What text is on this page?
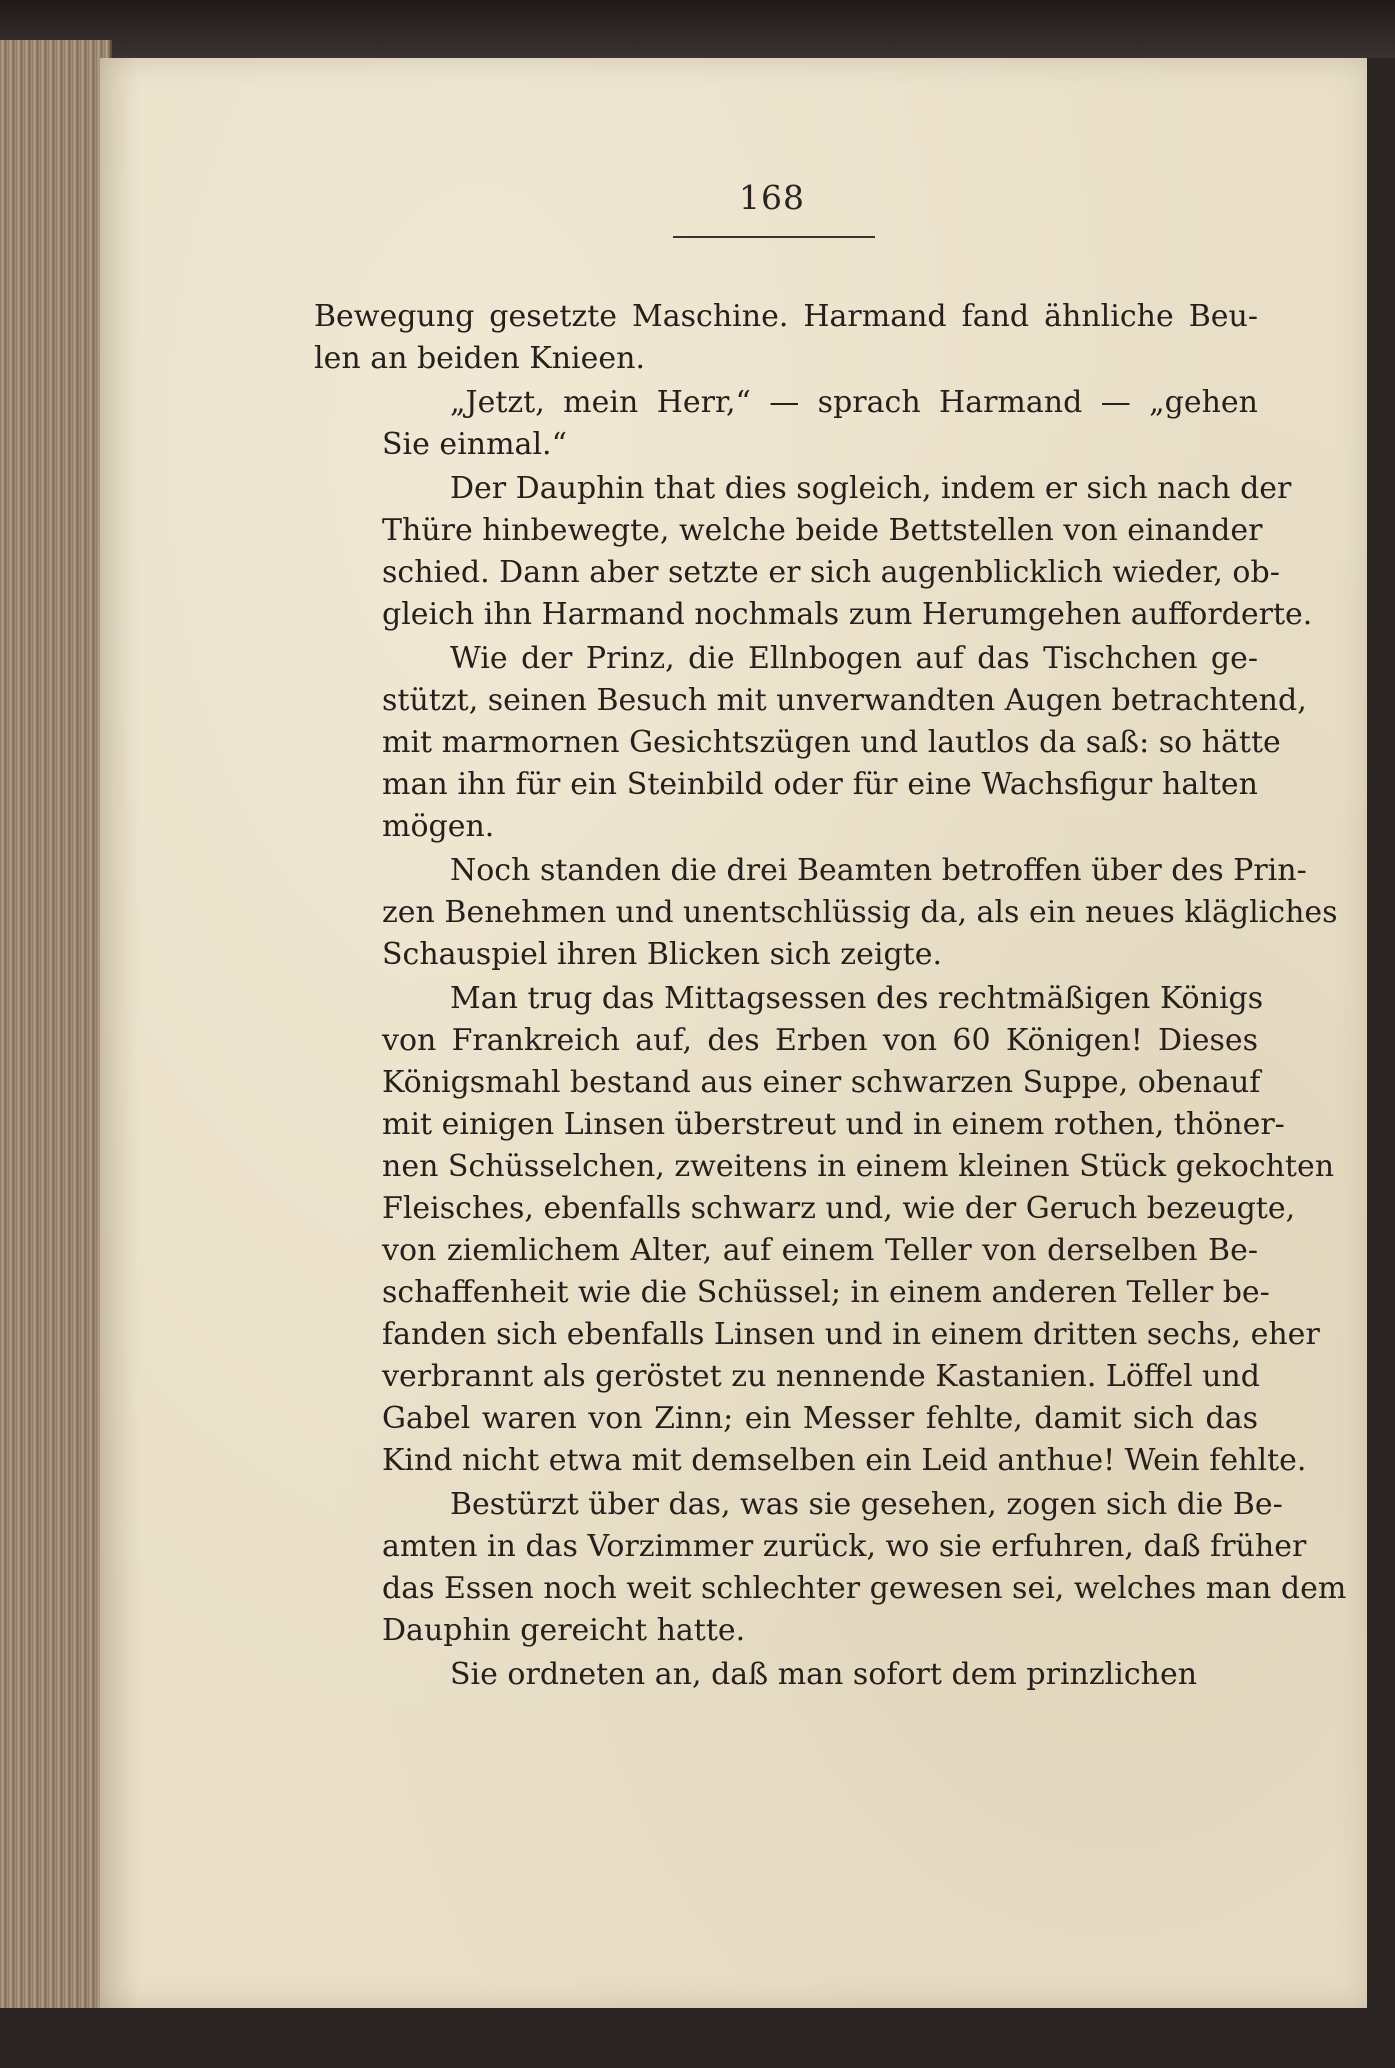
168
Bewegung gesetzte Maschine. Harmand fand ähnliche Beu-
len an beiden Knieen.
„Jetzt, mein Herr,“ — sprach Harmand — „gehen
Sie einmal.“
Der Dauphin that dies sogleich, indem er sich nach der
Thüre hinbewegte, welche beide Bettstellen von einander
schied. Dann aber setzte er sich augenblicklich wieder, ob-
gleich ihn Harmand nochmals zum Herumgehen aufforderte.
Wie der Prinz, die Ellnbogen auf das Tischchen ge-
stützt, seinen Besuch mit unverwandten Augen betrachtend,
mit marmornen Gesichtszügen und lautlos da saß: so hätte
man ihn für ein Steinbild oder für eine Wachsfigur halten
mögen.
Noch standen die drei Beamten betroffen über des Prin-
zen Benehmen und unentschlüssig da, als ein neues klägliches
Schauspiel ihren Blicken sich zeigte.
Man trug das Mittagsessen des rechtmäßigen Königs
von Frankreich auf, des Erben von 60 Königen! Dieses
Königsmahl bestand aus einer schwarzen Suppe, obenauf
mit einigen Linsen überstreut und in einem rothen, thöner-
nen Schüsselchen, zweitens in einem kleinen Stück gekochten
Fleisches, ebenfalls schwarz und, wie der Geruch bezeugte,
von ziemlichem Alter, auf einem Teller von derselben Be-
schaffenheit wie die Schüssel; in einem anderen Teller be-
fanden sich ebenfalls Linsen und in einem dritten sechs, eher
verbrannt als geröstet zu nennende Kastanien. Löffel und
Gabel waren von Zinn; ein Messer fehlte, damit sich das
Kind nicht etwa mit demselben ein Leid anthue! Wein fehlte.
Bestürzt über das, was sie gesehen, zogen sich die Be-
amten in das Vorzimmer zurück, wo sie erfuhren, daß früher
das Essen noch weit schlechter gewesen sei, welches man dem
Dauphin gereicht hatte.
Sie ordneten an, daß man sofort dem prinzlichen
